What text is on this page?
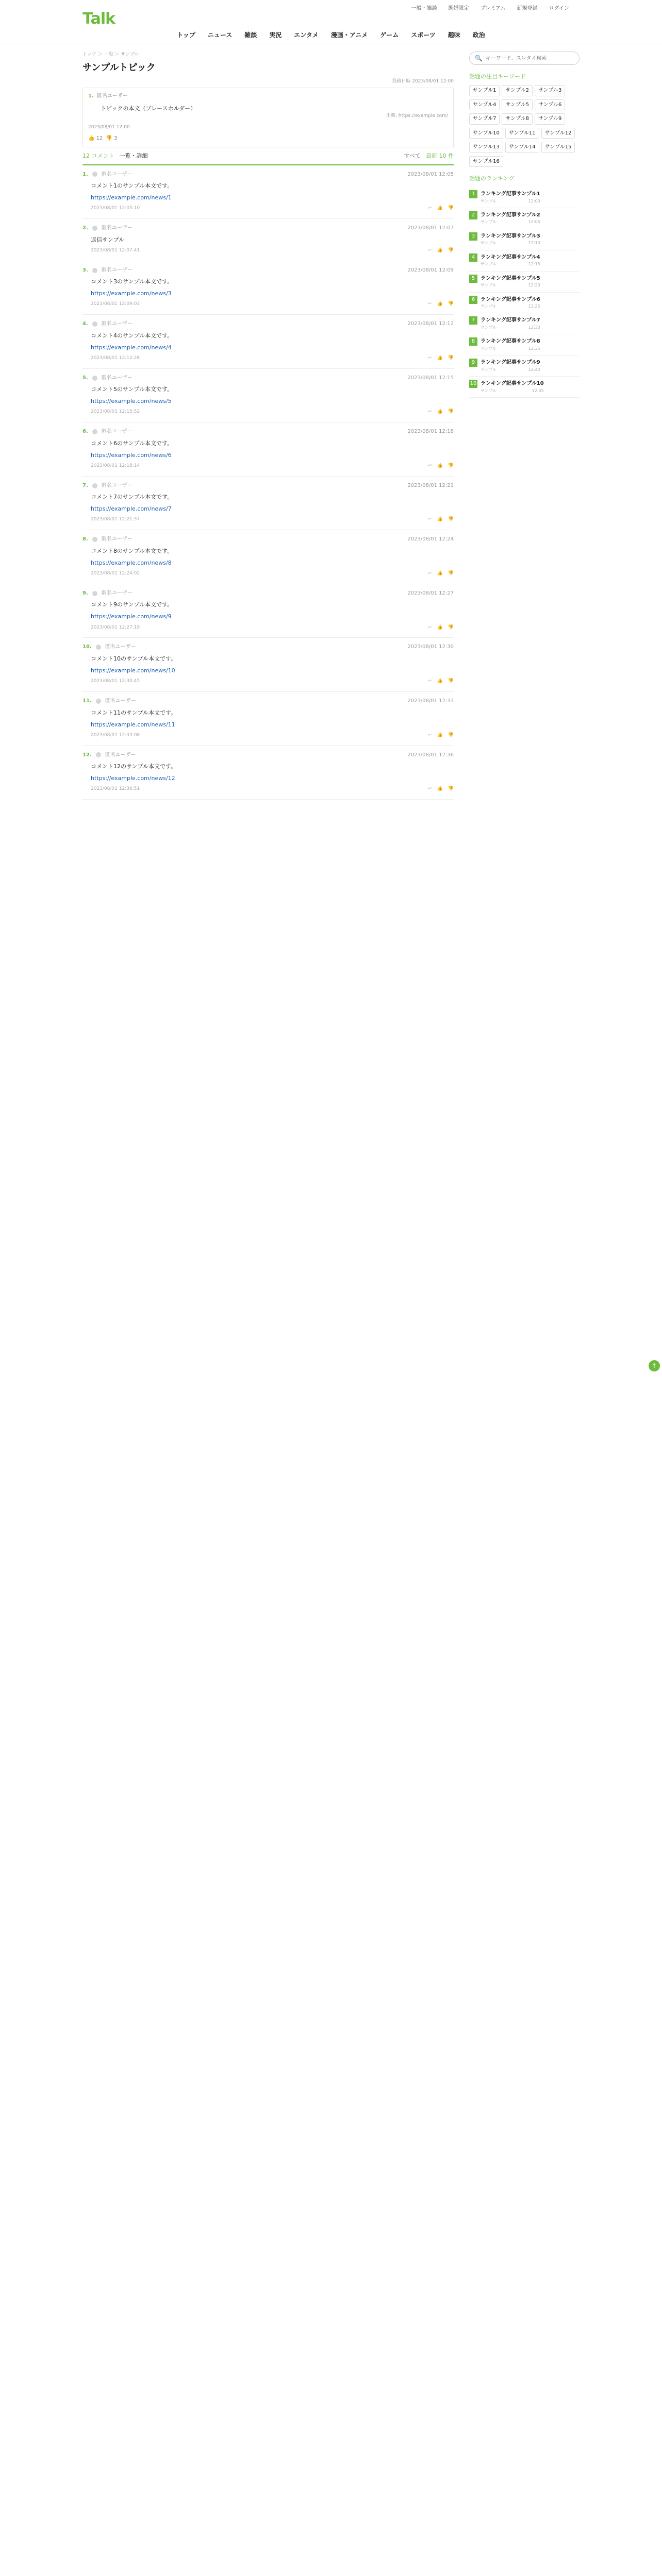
Talk
一般・雑談 既婚限定 プレミアム 新規登録 ログイン
トップ ニュース 雑談 実況 エンタメ 漫画・アニメ ゲーム スポーツ 趣味 政治
トップ ＞ 一般 ＞ サンプル
サンプルトピック
投稿日時 2023/08/01 12:00
1. 匿名ユーザー
トピックの本文（プレースホルダー）
出典: https://example.com/
2023/08/01 12:00
👍 12 👎 3
12 コメント 一覧・詳細	すべて 最新 10 件
1.	匿名ユーザー	2023/08/01 12:05
コメント1のサンプル本文です。
https://example.com/news/1
2023/08/01 12:05:10	↩ 👍 👎
2.	匿名ユーザー	2023/08/01 12:07
返信サンプル
2023/08/01 12:07:41	↩ 👍 👎
3.	匿名ユーザー	2023/08/01 12:09
コメント3のサンプル本文です。
https://example.com/news/3
2023/08/01 12:09:03	↩ 👍 👎
4.	匿名ユーザー	2023/08/01 12:12
コメント4のサンプル本文です。
https://example.com/news/4
2023/08/01 12:12:28	↩ 👍 👎
5.	匿名ユーザー	2023/08/01 12:15
コメント5のサンプル本文です。
https://example.com/news/5
2023/08/01 12:15:52	↩ 👍 👎
6.	匿名ユーザー	2023/08/01 12:18
コメント6のサンプル本文です。
https://example.com/news/6
2023/08/01 12:18:14	↩ 👍 👎
7.	匿名ユーザー	2023/08/01 12:21
コメント7のサンプル本文です。
https://example.com/news/7
2023/08/01 12:21:37	↩ 👍 👎
8.	匿名ユーザー	2023/08/01 12:24
コメント8のサンプル本文です。
https://example.com/news/8
2023/08/01 12:24:02	↩ 👍 👎
9.	匿名ユーザー	2023/08/01 12:27
コメント9のサンプル本文です。
https://example.com/news/9
2023/08/01 12:27:19	↩ 👍 👎
10.	匿名ユーザー	2023/08/01 12:30
コメント10のサンプル本文です。
https://example.com/news/10
2023/08/01 12:30:45	↩ 👍 👎
11.	匿名ユーザー	2023/08/01 12:33
コメント11のサンプル本文です。
https://example.com/news/11
2023/08/01 12:33:08	↩ 👍 👎
12.	匿名ユーザー	2023/08/01 12:36
コメント12のサンプル本文です。
https://example.com/news/12
2023/08/01 12:36:51	↩ 👍 👎
🔍
キーワード、スレタイ検索
話題の注目キーワード
サンプル1	サンプル2	サンプル3
サンプル4	サンプル5	サンプル6
サンプル7	サンプル8	サンプル9
サンプル10	サンプル11	サンプル12
サンプル13	サンプル14	サンプル15
サンプル16
話題のランキング
1	ランキング記事サンプル1
サンプル	12:00
2	ランキング記事サンプル2
サンプル	12:05
3	ランキング記事サンプル3
サンプル	12:10
4	ランキング記事サンプル4
サンプル	12:15
5	ランキング記事サンプル5
サンプル	12:20
6	ランキング記事サンプル6
サンプル	12:25
7	ランキング記事サンプル7
サンプル	12:30
8	ランキング記事サンプル8
サンプル	12:35
9	ランキング記事サンプル9
サンプル	12:40
10 ランキング記事サンプル10
サンプル	12:45
↑
